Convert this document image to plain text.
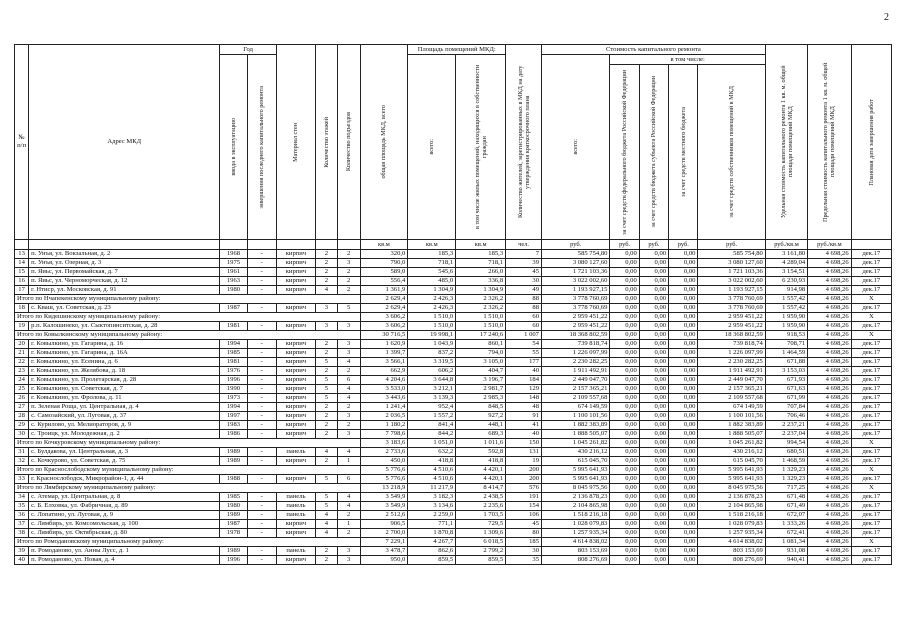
2
№ п/п	Адрес МКД	Год		Материал стен	Количество этажей	Количество подъездов	общая площадь МКД, всего	Площадь помещений МКД:		Количество жителей, зарегистрированных в МКД на дату утверждения краткосрочного плана	Стоимость капитального ремонта					Удельная стоимость капитального ремонта 1 кв. м. общей площади помещений МКД	Предельная стоимость капитального ремонта 1 кв. м. общей площади помещений МКД	Плановая дата завершения работ

		ввода в эксплуатацию	завершения последнего капитального ремонта					всего:	в том числе жилых помещений, находящихся в собственности граждан		всего:	в том числе:						

												за счет средств федерального бюджета Российской Федерации	за счет средств бюджета субъекта Российской Федерации	за счет средств местного бюджета	за счет средств собственников помещений в МКД			

							кв.м	кв.м	кв.м	чел.	руб.	руб.	руб.	руб.	руб.	руб./кв.м	руб./кв.м	
13	п. Унъя, ул. Вокзальная, д. 2	1968	-	кирпич	2	2	320,0	185,3	185,3	7	585 754,80	0,00	0,00	0,00	585 754,80	3 161,80	4 698,26	дек.17
14	п. Унъя, ул. Озерная, д. 3	1975	-	кирпич	2	3	790,0	718,1	718,1	39	3 080 127,60	0,00	0,00	0,00	3 080 127,60	4 289,04	4 698,26	дек.17
15	п. Яиьс, ул. Первомайская, д. 7	1961	-	кирпич	2	2	589,0	545,6	266,0	45	1 721 103,36	0,00	0,00	0,00	1 721 103,36	3 154,51	4 698,26	дек.17
16	п. Яиьс, ул. Черноморческая, д. 12	1963	-	кирпич	2	2	556,4	485,0	336,8	30	3 022 002,60	0,00	0,00	0,00	3 022 002,60	6 230,93	4 698,26	дек.17
17	г. Нтиср, ул. Московская, д. 91	1980	-	кирпич	4	2	1 361,9	1 304,9	1 304,9	49	1 193 927,15	0,00	0,00	0,00	1 193 927,15	914,98	4 698,26	дек.17
Итого по Нчапекенскому муниципальному району:							2 629,4	2 426,3	2 326,2	88	3 778 760,69	0,00	0,00	0,00	3 778 760,69	1 557,42	4 698,26	X
18	с. Кваш, ул. Советская, д. 23	1987	-	кирпич	3	5	2 629,4	2 426,3	2 326,2	88	3 778 760,69	0,00	0,00	0,00	3 778 760,69	1 557,42	4 698,26	дек.17
Итого по Кидешинскому муниципальному району:							3 606,2	1 510,0	1 510,0	60	2 959 451,22	0,00	0,00	0,00	2 959 451,22	1 959,90	4 698,26	X
19	р.п. Калошинеко, ул. Сыктопинситская, д. 28	1981	-	кирпич	3	3	3 606,2	1 510,0	1 510,0	60	2 959 451,22	0,00	0,00	0,00	2 959 451,22	1 959,90	4 698,26	дек.17
Итого по Ковылкинскому муниципальному району:							30 716,5	19 998,1	17 240,6	1 007	18 368 802,59	0,00	0,00	0,00	18 368 802,59	918,53	4 698,26	X
20	г. Ковылкино, ул. Гагарина, д. 16	1994	-	кирпич	2	3	1 620,9	1 043,9	860,1	54	739 818,74	0,00	0,00	0,00	739 818,74	708,71	4 698,26	дек.17
21	г. Ковылкино, ул. Гагарина, д. 16А	1985	-	кирпич	2	3	1 399,7	837,2	794,0	55	1 226 097,99	0,00	0,00	0,00	1 226 097,99	1 464,59	4 698,26	дек.17
22	г. Ковылкино, ул. Есенина, д. 6	1981	-	кирпич	5	4	3 566,1	3 319,5	3 105,0	177	2 230 282,25	0,00	0,00	0,00	2 230 282,25	671,88	4 698,26	дек.17
23	г. Ковылкино, ул. Желябова, д. 18	1976	-	кирпич	2	2	662,9	606,2	404,7	40	1 911 492,91	0,00	0,00	0,00	1 911 492,91	3 153,03	4 698,26	дек.17
24	г. Ковылкино, ул. Пролетарская, д. 28	1996	-	кирпич	5	6	4 204,6	3 644,8	3 196,7	184	2 449 047,70	0,00	0,00	0,00	2 449 047,70	671,93	4 698,26	дек.17
25	г. Ковылкино, ул. Советская, д. 7	1990	-	кирпич	5	4	3 533,0	3 212,1	2 981,7	129	2 157 365,21	0,00	0,00	0,00	2 157 365,21	671,63	4 698,26	дек.17
26	г. Ковылкино, ул. Фролова, д. 11	1973	-	кирпич	5	4	3 443,6	3 139,3	2 985,3	148	2 109 557,68	0,00	0,00	0,00	2 109 557,68	671,99	4 698,26	дек.17
27	п. Зеленая Роща, ул. Центральная, д. 4	1994	-	кирпич	2	2	1 241,4	952,4	848,5	48	674 149,59	0,00	0,00	0,00	674 149,59	707,84	4 698,26	дек.17
28	с. Самозайский, ул. Луговая, д. 37	1997	-	кирпич	2	3	2 036,5	1 557,2	927,2	91	1 100 101,56	0,00	0,00	0,00	1 100 101,56	706,46	4 698,26	дек.17
29	с. Курилово, ул. Мелиораторов, д. 9	1983	-	кирпич	2	2	1 180,2	841,4	448,1	41	1 882 383,89	0,00	0,00	0,00	1 882 383,89	2 237,21	4 698,26	дек.17
30	с. Троицк, ул. Молодежная, д. 2	1986	-	кирпич	2	3	7 798,6	844,2	689,3	40	1 888 505,07	0,00	0,00	0,00	1 888 505,07	2 237,04	4 698,26	дек.17
Итого по Кочкуровскому муниципальному району:							3 183,6	1 051,0	1 011,6	150	1 045 261,82	0,00	0,00	0,00	1 045 261,82	994,54	4 698,26	X
31	с. Булдакова, ул. Центральная, д. 3	1989	-	панель	4	4	2 733,6	632,2	592,8	131	430 216,12	0,00	0,00	0,00	430 216,12	680,51	4 698,26	дек.17
32	с. Кочкурово, ул. Советская, д. 75	1989	-	кирпич	2	1	450,0	418,8	418,8	19	615 045,70	0,00	0,00	0,00	615 045,70	1 468,59	4 698,26	дек.17
Итого по Краснослободскому муниципальному району:							5 776,6	4 510,6	4 420,1	200	5 995 641,93	0,00	0,00	0,00	5 995 641,93	1 329,23	4 698,26	X
33	г. Краснослободск, Микрорайон-1, д. 44	1988	-	кирпич	5	6	5 776,6	4 510,6	4 420,1	200	5 995 641,93	0,00	0,00	0,00	5 995 641,93	1 329,23	4 698,26	дек.17
Итого по Лямбирскому муниципальному району:							13 218,9	11 217,9	8 414,7	576	8 045 975,56	0,00	0,00	0,00	8 045 975,56	717,25	4 698,26	X
34	с. Атемар, ул. Центральная, д. 8	1985	-	панель	5	4	3 549,9	3 182,3	2 438,5	191	2 136 878,23	0,00	0,00	0,00	2 136 878,23	671,48	4 698,26	дек.17
35	с. Б. Елховка, ул. Фабричная, д. 89	1980	-	панель	5	4	3 549,9	3 134,6	2 235,6	154	2 104 865,98	0,00	0,00	0,00	2 104 865,98	671,49	4 698,26	дек.17
36	с. Лопатино, ул. Луговая, д. 9	1989	-	панель	4	2	2 512,6	2 259,0	1 703,5	106	1 518 216,18	0,00	0,00	0,00	1 518 216,18	672,07	4 698,26	дек.17
37	с. Лямбирь, ул. Комсомольская, д. 100	1987	-	кирпич	4	1	906,5	771,1	729,5	45	1 028 079,83	0,00	0,00	0,00	1 028 079,83	1 333,26	4 698,26	дек.17
38	с. Лямбирь, ул. Октябрьская, д. 80	1978	-	кирпич	4	2	2 700,0	1 870,8	1 309,6	80	1 257 935,34	0,00	0,00	0,00	1 257 935,34	672,41	4 698,26	дек.17
Итого по Ромодановскому муниципальному району:							7 229,1	4 267,7	6 018,5	185	4 614 838,02	0,00	0,00	0,00	4 614 838,02	1 081,34	4 698,26	X
39	п. Ромоданово, ул. Анны Лусс, д. 1	1989	-	панель	2	3	3 478,7	862,6	2 799,2	30	803 153,69	0,00	0,00	0,00	803 153,69	931,08	4 698,26	дек.17
40	п. Ромоданово, ул. Новая, д. 4	1996	-	кирпич	2	3	950,0	859,5	859,5	35	808 276,69	0,00	0,00	0,00	808 276,69	940,41	4 698,26	дек.17
